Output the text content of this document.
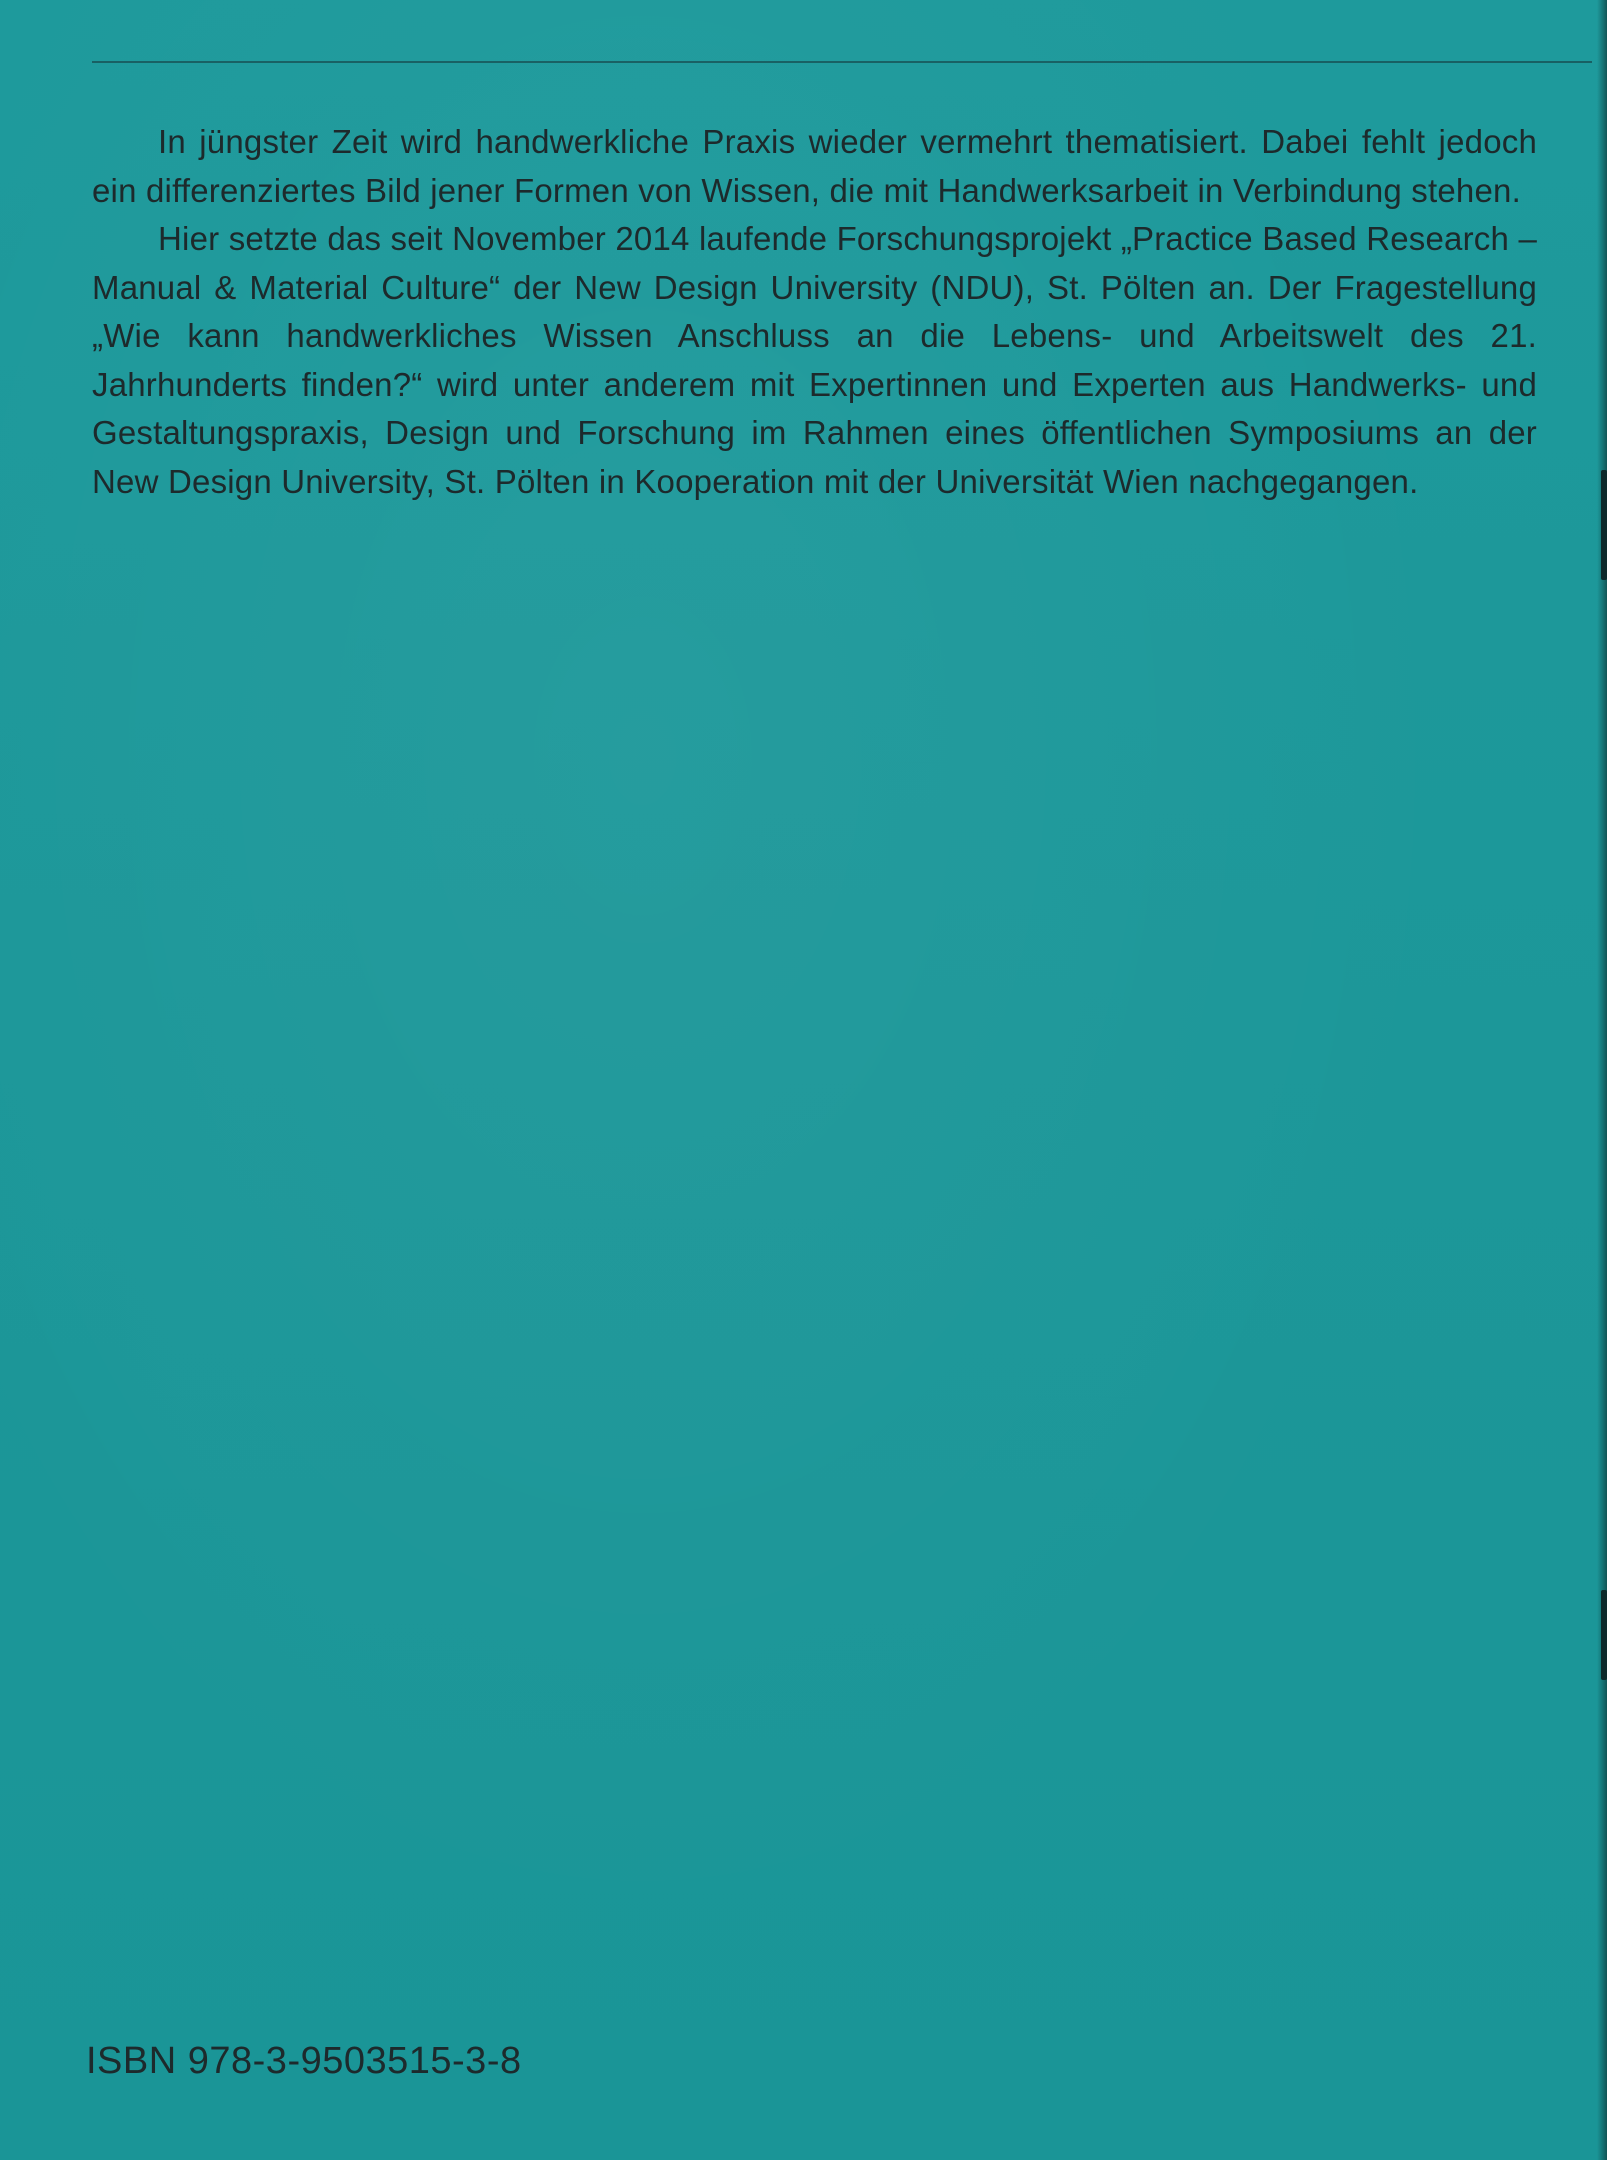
In jüngster Zeit wird handwerkliche Praxis wieder vermehrt thematisiert. Dabei fehlt jedoch ein differenziertes Bild jener Formen von Wissen, die mit Handwerksarbeit in Verbindung stehen.

Hier setzte das seit November 2014 laufende Forschungsprojekt „Practice Based Research – Manual & Material Culture“ der New Design University (NDU), St. Pölten an. Der Fragestellung „Wie kann handwerkliches Wissen Anschluss an die Lebens- und Arbeitswelt des 21. Jahrhunderts finden?“ wird unter anderem mit Expertinnen und Experten aus Handwerks- und Gestaltungspraxis, Design und Forschung im Rahmen eines öffentlichen Symposiums an der New Design University, St. Pölten in Kooperation mit der Universität Wien nachgegangen.

ISBN 978-3-9503515-3-8
